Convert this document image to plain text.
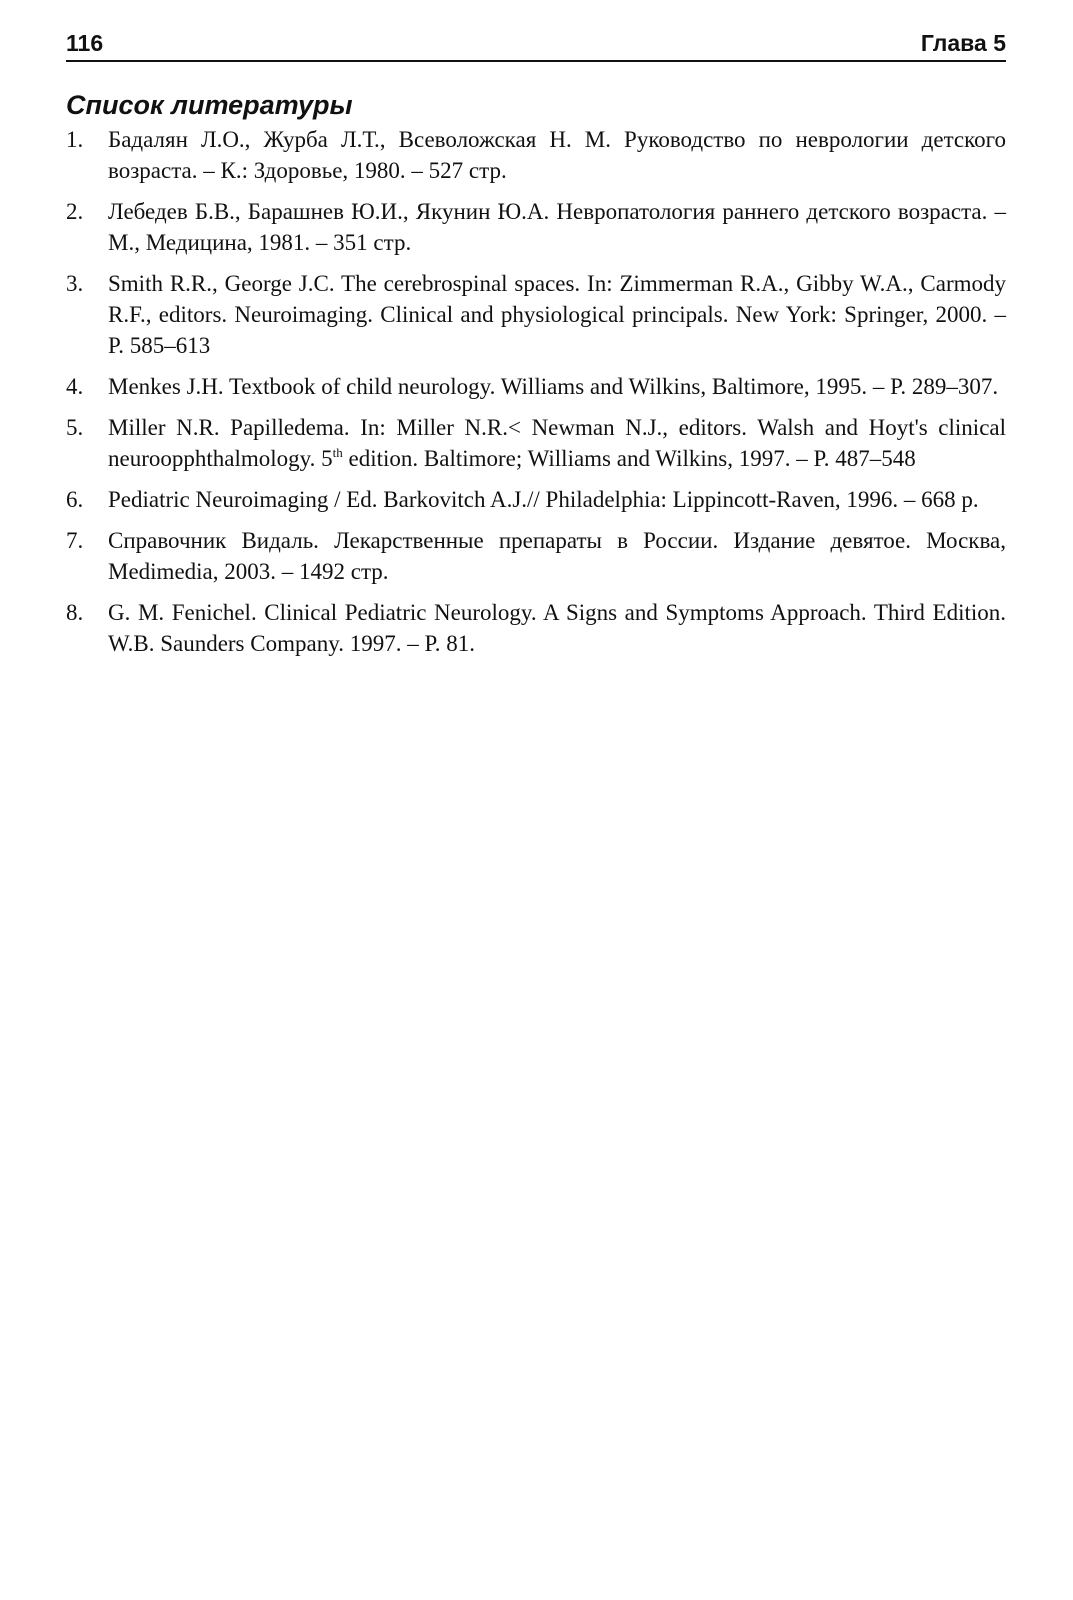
116	Глава 5
Список литературы
1.	Бадалян Л.О., Журба Л.Т., Всеволожская Н. М. Руководство по неврологии детского возраста. – К.: Здоровье, 1980. – 527 стр.
2.	Лебедев Б.В., Барашнев Ю.И., Якунин Ю.А. Невропатология раннего детского возраста. – М., Медицина, 1981. – 351 стр.
3.	Smith R.R., George J.C. The cerebrospinal spaces. In: Zimmerman R.A., Gibby W.A., Carmody R.F., editors. Neuroimaging. Clinical and physiological principals. New York: Springer, 2000. – P. 585–613
4.	Menkes J.H. Textbook of child neurology. Williams and Wilkins, Baltimore, 1995. – P. 289–307.
5.	Miller N.R. Papilledema. In: Miller N.R.< Newman N.J., editors. Walsh and Hoyt's clinical neuroopphthalmology. 5th edition. Baltimore; Williams and Wilkins, 1997. – P. 487–548
6.	Pediatric Neuroimaging / Ed. Barkovitch A.J.// Philadelphia: Lippincott-Raven, 1996. – 668 p.
7.	Справочник Видаль. Лекарственные препараты в России. Издание девятое. Москва, Medimedia, 2003. – 1492 стр.
8.	G. M. Fenichel. Clinical Pediatric Neurology. A Signs and Symptoms Approach. Third Edition. W.B. Saunders Company. 1997. – P. 81.
